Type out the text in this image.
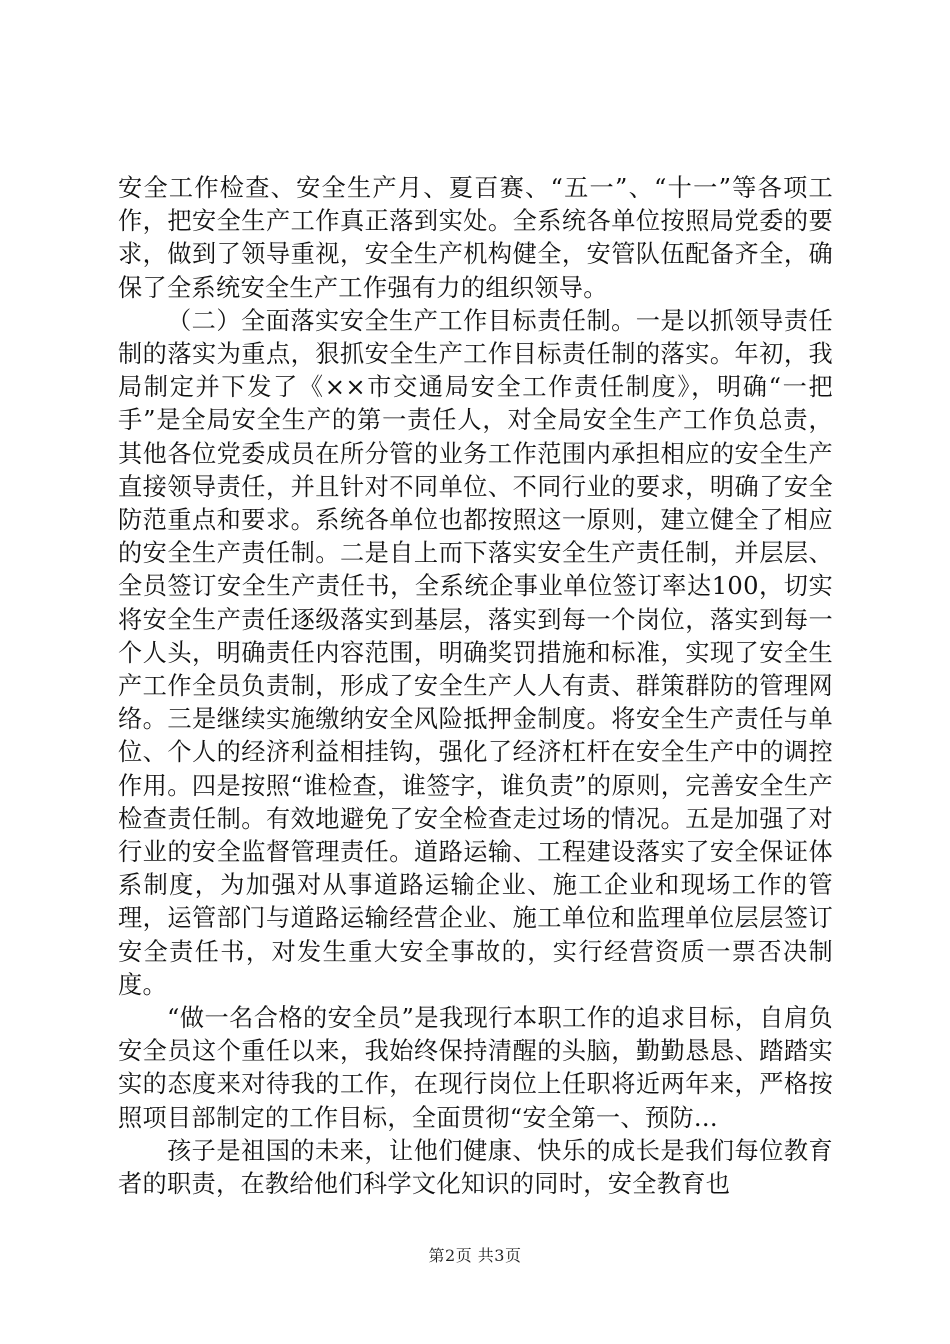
安全工作检查、安全生产月、夏百赛、“五一”、“十一”等各项工作，把安全生产工作真正落到实处。全系统各单位按照局党委的要求，做到了领导重视，安全生产机构健全，安管队伍配备齐全，确保了全系统安全生产工作强有力的组织领导。

（二）全面落实安全生产工作目标责任制。一是以抓领导责任制的落实为重点，狠抓安全生产工作目标责任制的落实。年初，我局制定并下发了《××市交通局安全工作责任制度》，明确“一把手”是全局安全生产的第一责任人，对全局安全生产工作负总责，其他各位党委成员在所分管的业务工作范围内承担相应的安全生产直接领导责任，并且针对不同单位、不同行业的要求，明确了安全防范重点和要求。系统各单位也都按照这一原则，建立健全了相应的安全生产责任制。二是自上而下落实安全生产责任制，并层层、全员签订安全生产责任书，全系统企事业单位签订率达100，切实将安全生产责任逐级落实到基层，落实到每一个岗位，落实到每一个人头，明确责任内容范围，明确奖罚措施和标准，实现了安全生产工作全员负责制，形成了安全生产人人有责、群策群防的管理网络。三是继续实施缴纳安全风险抵押金制度。将安全生产责任与单位、个人的经济利益相挂钩，强化了经济杠杆在安全生产中的调控作用。四是按照“谁检查，谁签字，谁负责”的原则，完善安全生产检查责任制。有效地避免了安全检查走过场的情况。五是加强了对行业的安全监督管理责任。道路运输、工程建设落实了安全保证体系制度，为加强对从事道路运输企业、施工企业和现场工作的管理，运管部门与道路运输经营企业、施工单位和监理单位层层签订安全责任书，对发生重大安全事故的，实行经营资质一票否决制度。

“做一名合格的安全员”是我现行本职工作的追求目标，自肩负安全员这个重任以来，我始终保持清醒的头脑，勤勤恳恳、踏踏实实的态度来对待我的工作，在现行岗位上任职将近两年来，严格按照项目部制定的工作目标，全面贯彻“安全第一、预防...

孩子是祖国的未来，让他们健康、快乐的成长是我们每位教育者的职责，在教给他们科学文化知识的同时，安全教育也

第2页 共3页
